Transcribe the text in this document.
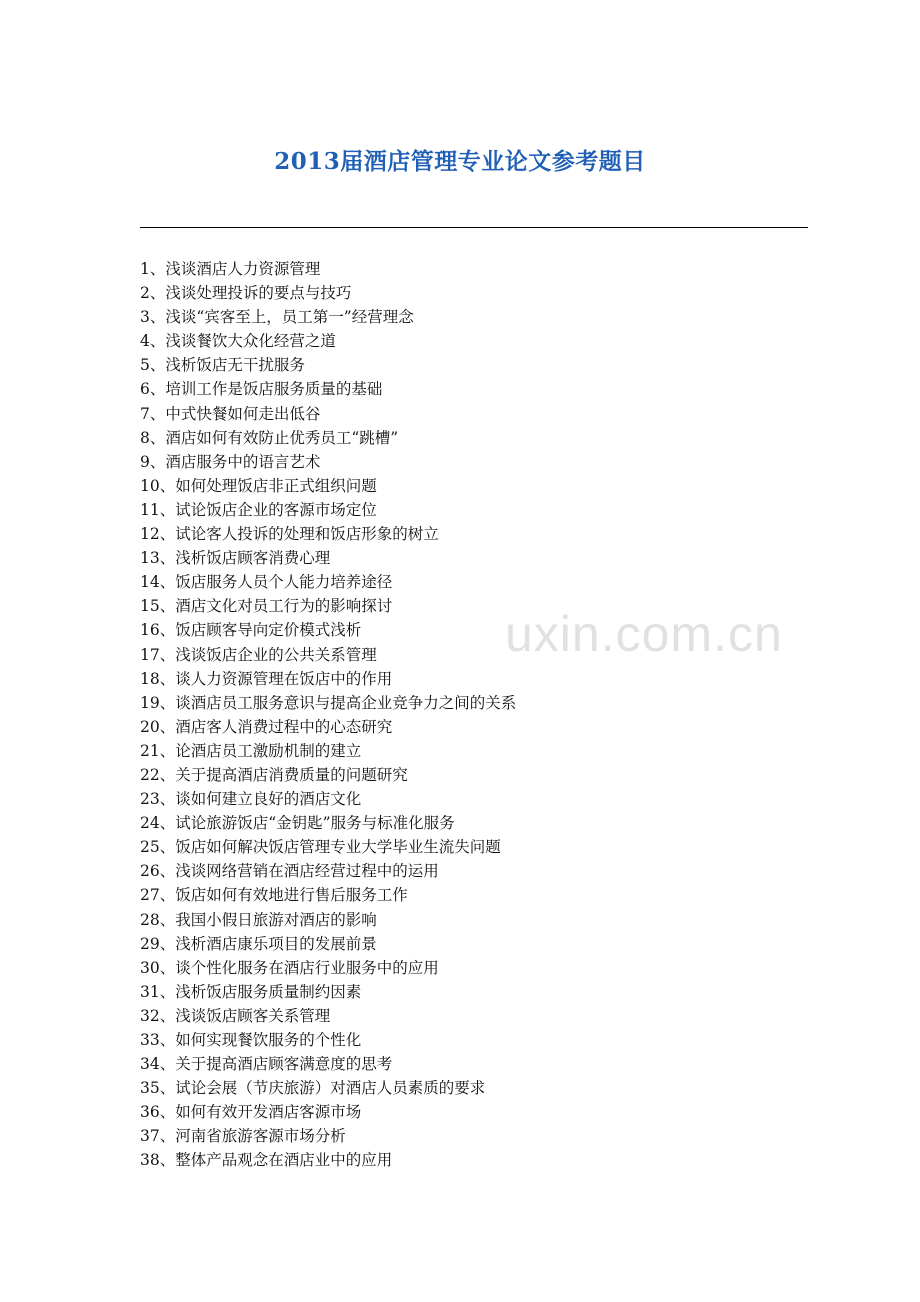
2013届酒店管理专业论文参考题目
1、浅谈酒店人力资源管理
2、浅谈处理投诉的要点与技巧
3、浅谈“宾客至上，员工第一”经营理念
4、浅谈餐饮大众化经营之道
5、浅析饭店无干扰服务
6、培训工作是饭店服务质量的基础
7、中式快餐如何走出低谷
8、酒店如何有效防止优秀员工“跳槽”
9、酒店服务中的语言艺术
10、如何处理饭店非正式组织问题
11、试论饭店企业的客源市场定位
12、试论客人投诉的处理和饭店形象的树立
13、浅析饭店顾客消费心理
14、饭店服务人员个人能力培养途径
15、酒店文化对员工行为的影响探讨
16、饭店顾客导向定价模式浅析
17、浅谈饭店企业的公共关系管理
18、谈人力资源管理在饭店中的作用
19、谈酒店员工服务意识与提高企业竞争力之间的关系
20、酒店客人消费过程中的心态研究
21、论酒店员工激励机制的建立
22、关于提高酒店消费质量的问题研究
23、谈如何建立良好的酒店文化
24、试论旅游饭店“金钥匙”服务与标准化服务
25、饭店如何解决饭店管理专业大学毕业生流失问题
26、浅谈网络营销在酒店经营过程中的运用
27、饭店如何有效地进行售后服务工作
28、我国小假日旅游对酒店的影响
29、浅析酒店康乐项目的发展前景
30、谈个性化服务在酒店行业服务中的应用
31、浅析饭店服务质量制约因素
32、浅谈饭店顾客关系管理
33、如何实现餐饮服务的个性化
34、关于提高酒店顾客满意度的思考
35、试论会展（节庆旅游）对酒店人员素质的要求
36、如何有效开发酒店客源市场
37、河南省旅游客源市场分析
38、整体产品观念在酒店业中的应用
uxin.com.cn
